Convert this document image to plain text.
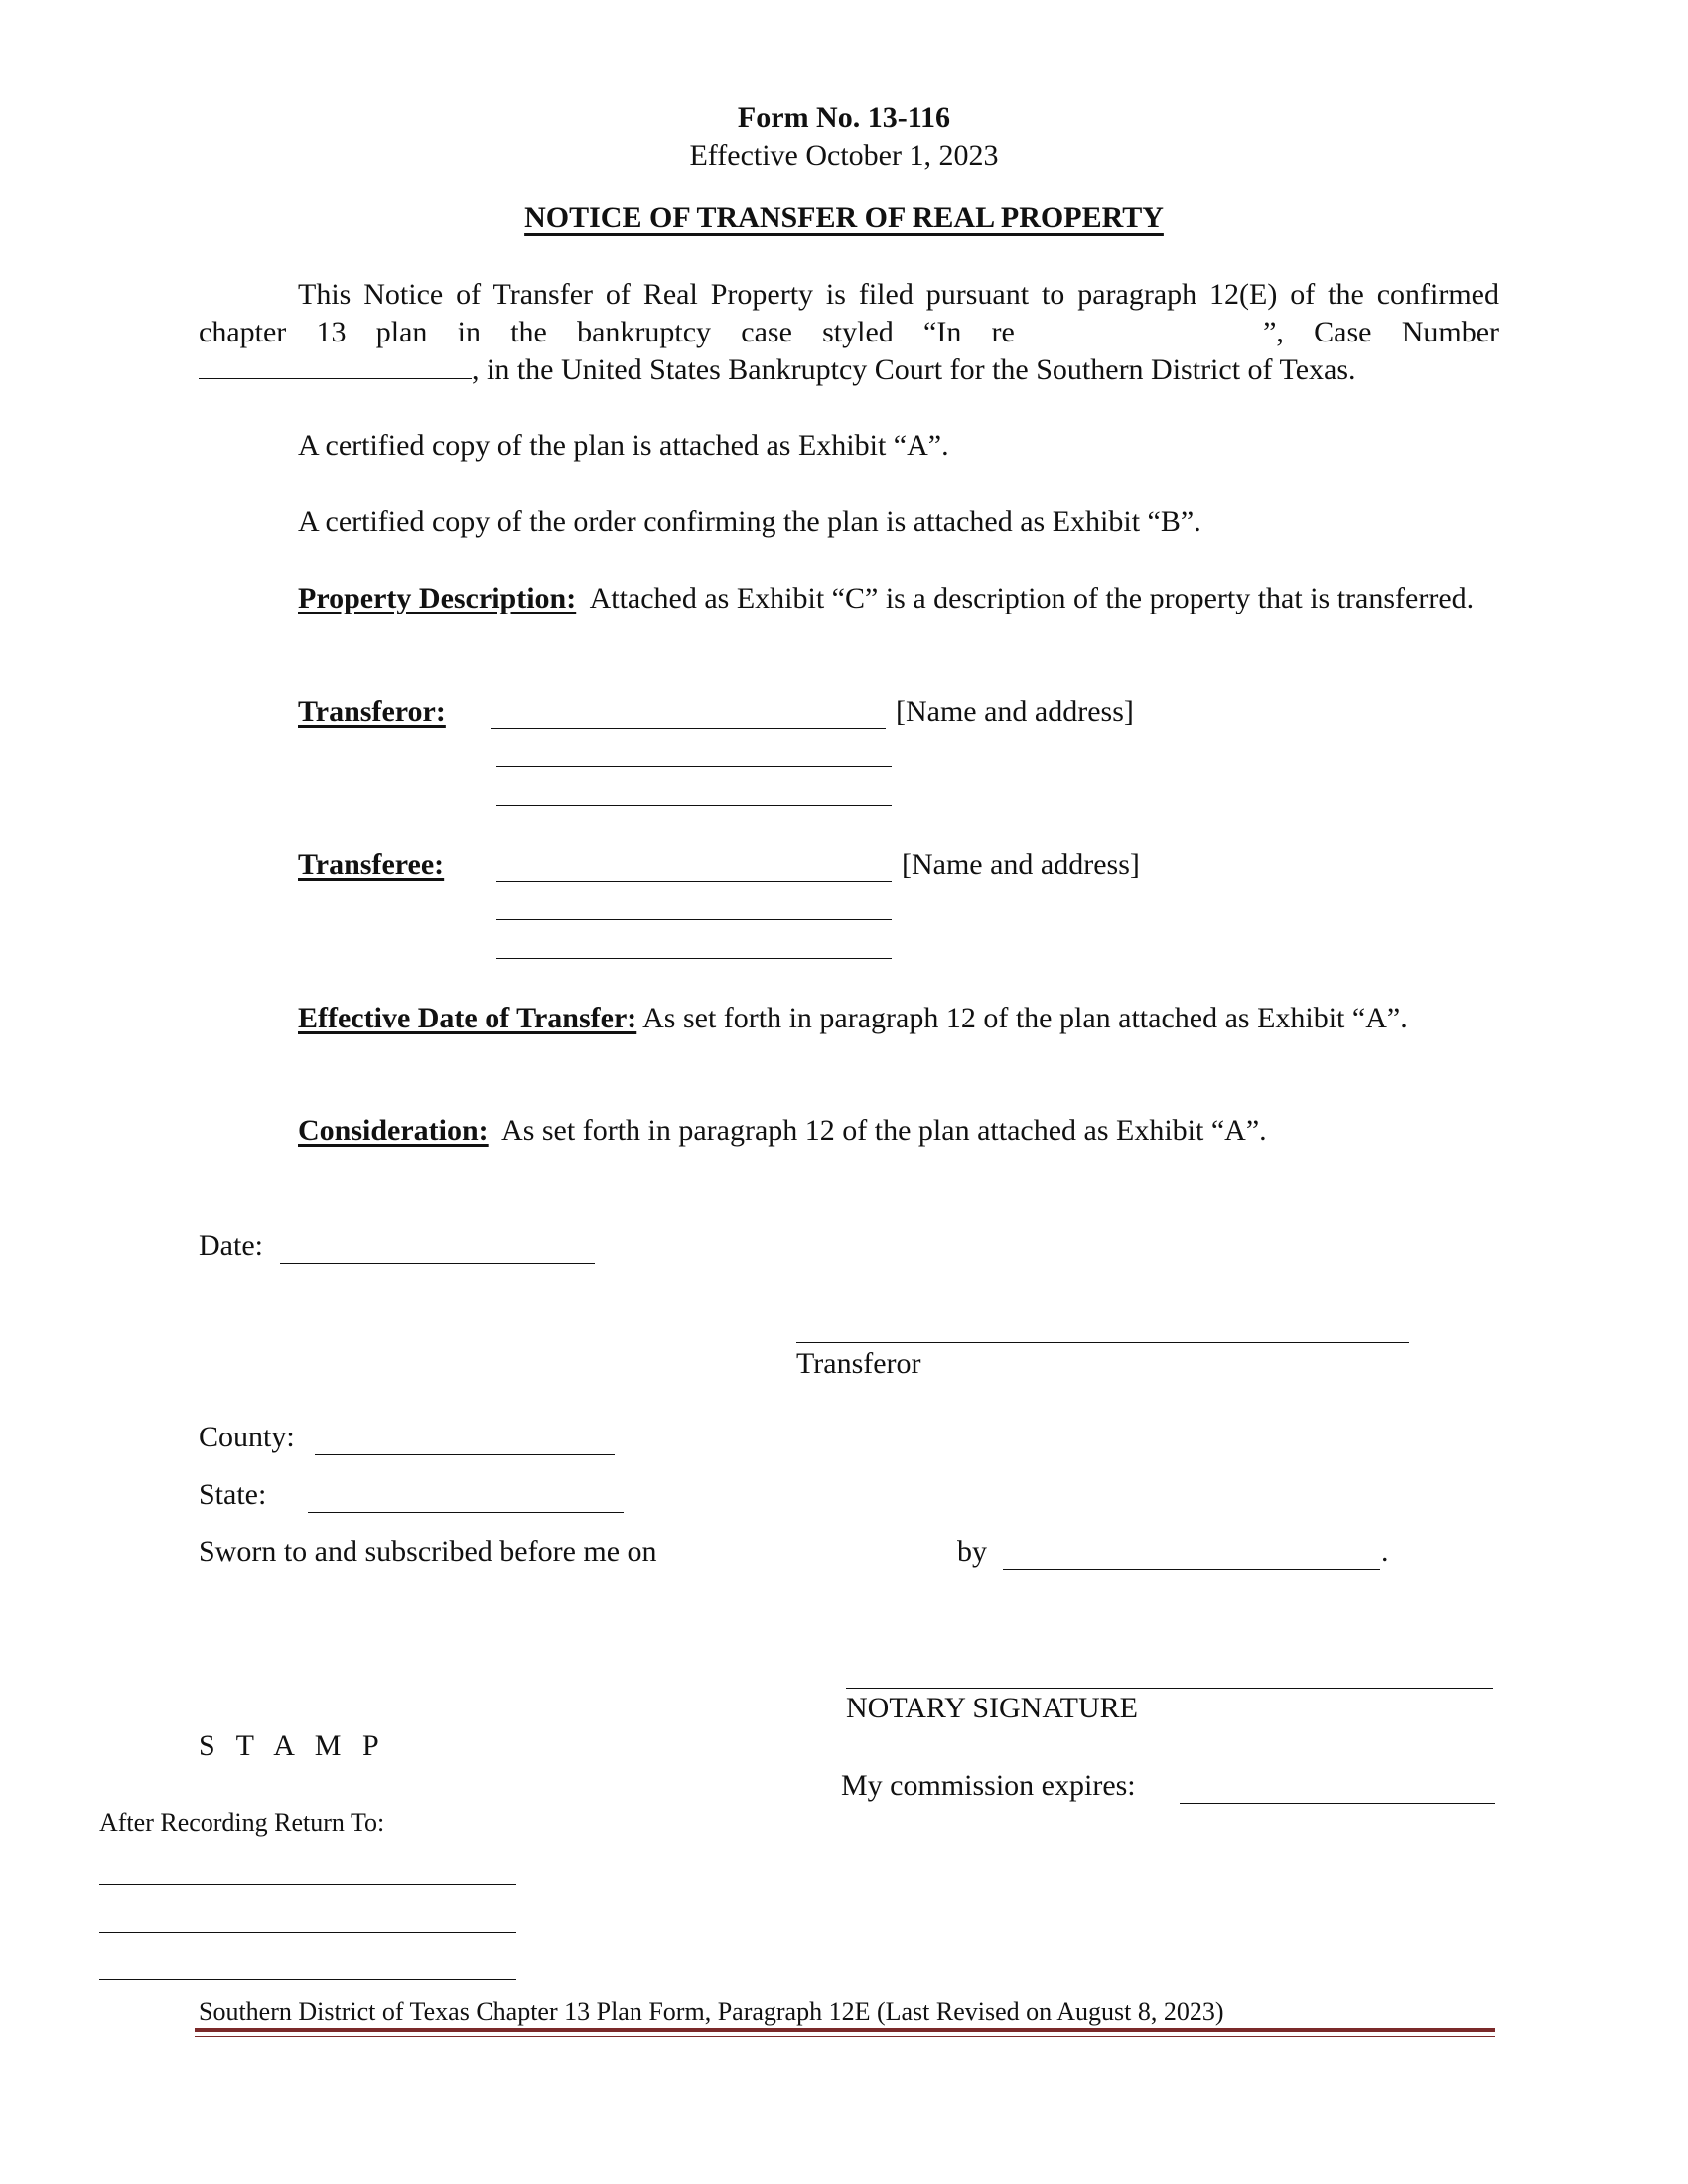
Form No. 13-116
Effective October 1, 2023
NOTICE OF TRANSFER OF REAL PROPERTY
This Notice of Transfer of Real Property is filed pursuant to paragraph 12(E) of the confirmed chapter 13 plan in the bankruptcy case styled “In re	”, Case Number , in the United States Bankruptcy Court for the Southern District of Texas.
A certified copy of the plan is attached as Exhibit “A”.
A certified copy of the order confirming the plan is attached as Exhibit “B”.
Property Description: Attached as Exhibit “C” is a description of the property that is transferred.
Transferor:	[Name and address]
Transferee:	[Name and address]
Effective Date of Transfer: As set forth in paragraph 12 of the plan attached as Exhibit “A”.
Consideration: As set forth in paragraph 12 of the plan attached as Exhibit “A”.
Date:
Transferor
County:
State:
Sworn to and subscribed before me on	by	.
NOTARY SIGNATURE
S T A M P
My commission expires:
After Recording Return To:
Southern District of Texas Chapter 13 Plan Form, Paragraph 12E (Last Revised on August 8, 2023)
